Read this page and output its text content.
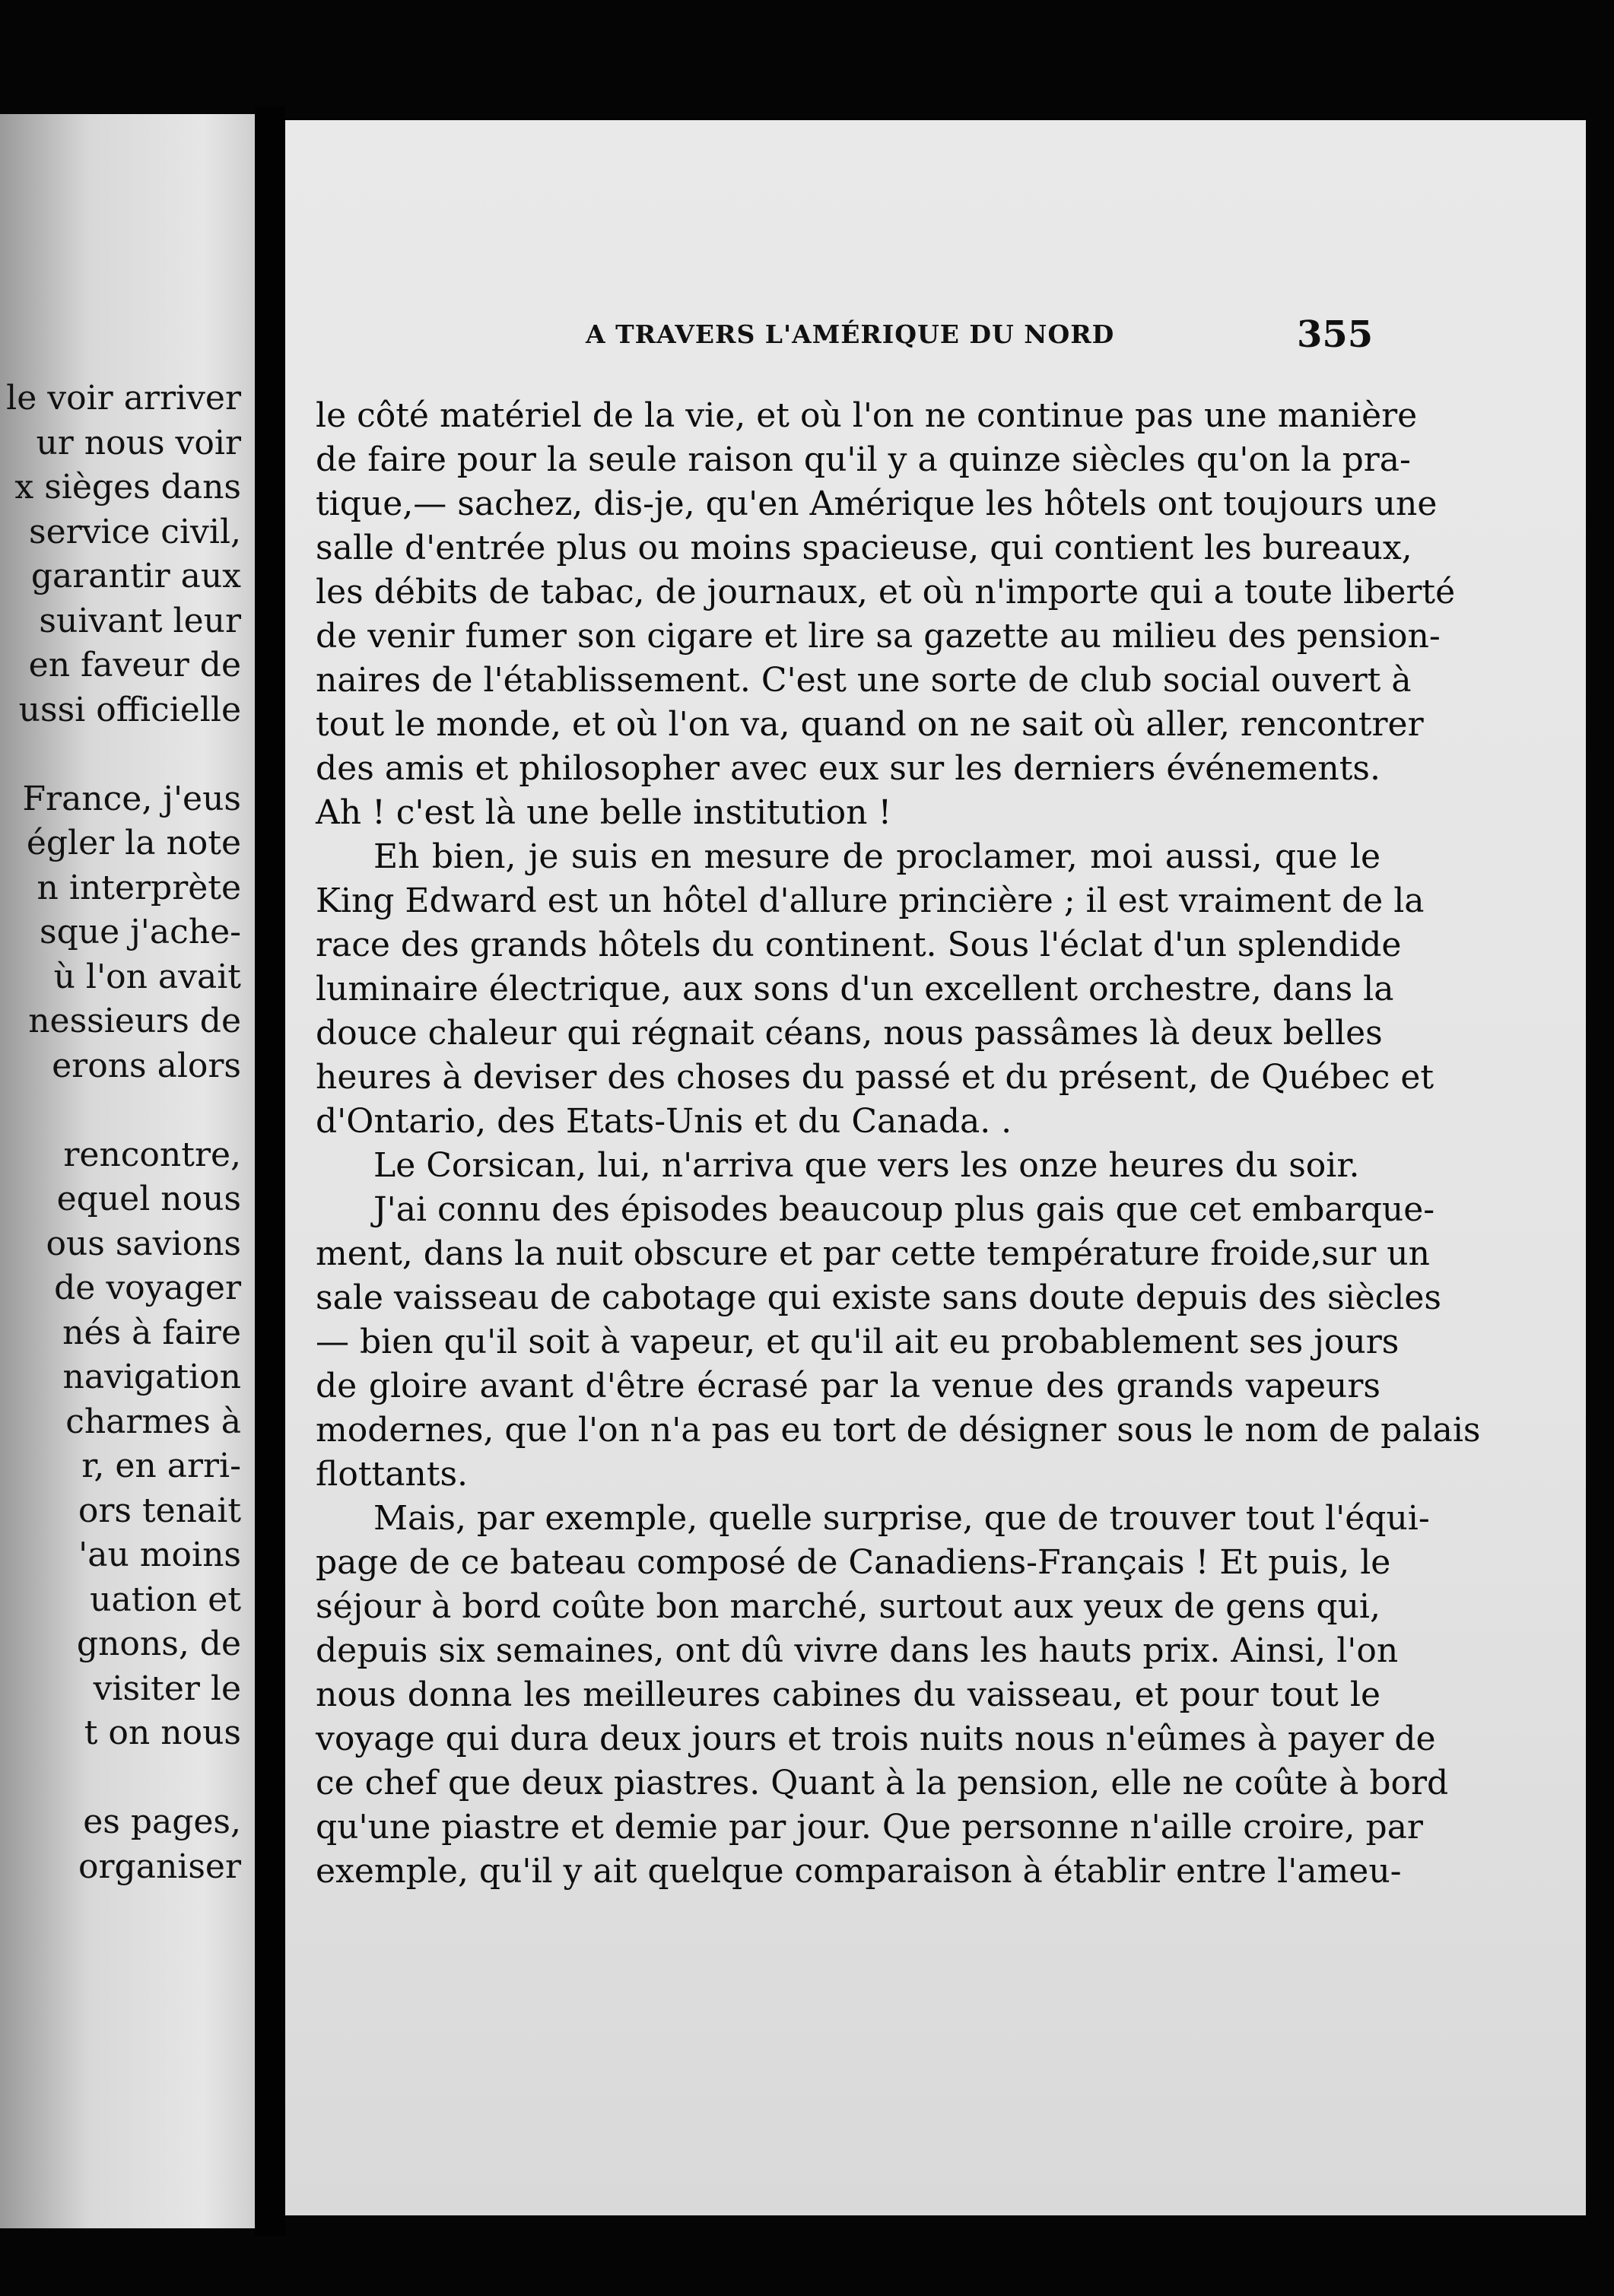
le voir arriver
ur nous voir
x sièges dans
service civil,
garantir aux
suivant leur
en faveur de
ussi officielle
France, j'eus
égler la note
n interprète
sque j'ache-
ù l'on avait
nessieurs de
erons alors
rencontre,
equel nous
ous savions
de voyager
nés à faire
navigation
charmes à
r, en arri-
ors tenait
'au moins
uation et
gnons, de
visiter le
t on nous
es pages,
organiser
A TRAVERS L'AMÉRIQUE DU NORD	355
le côté matériel de la vie, et où l'on ne continue pas une manière
de faire pour la seule raison qu'il y a quinze siècles qu'on la pra-
tique,— sachez, dis-je, qu'en Amérique les hôtels ont toujours une
salle d'entrée plus ou moins spacieuse, qui contient les bureaux,
les débits de tabac, de journaux, et où n'importe qui a toute liberté
de venir fumer son cigare et lire sa gazette au milieu des pension-
naires de l'établissement. C'est une sorte de club social ouvert à
tout le monde, et où l'on va, quand on ne sait où aller, rencontrer
des amis et philosopher avec eux sur les derniers événements.
Ah ! c'est là une belle institution !
Eh bien, je suis en mesure de proclamer, moi aussi, que le
King Edward est un hôtel d'allure princière ; il est vraiment de la
race des grands hôtels du continent. Sous l'éclat d'un splendide
luminaire électrique, aux sons d'un excellent orchestre, dans la
douce chaleur qui régnait céans, nous passâmes là deux belles
heures à deviser des choses du passé et du présent, de Québec et
d'Ontario, des Etats-Unis et du Canada. .
Le Corsican, lui, n'arriva que vers les onze heures du soir.
J'ai connu des épisodes beaucoup plus gais que cet embarque-
ment, dans la nuit obscure et par cette température froide,sur un
sale vaisseau de cabotage qui existe sans doute depuis des siècles
— bien qu'il soit à vapeur, et qu'il ait eu probablement ses jours
de gloire avant d'être écrasé par la venue des grands vapeurs
modernes, que l'on n'a pas eu tort de désigner sous le nom de palais
flottants.
Mais, par exemple, quelle surprise, que de trouver tout l'équi-
page de ce bateau composé de Canadiens-Français ! Et puis, le
séjour à bord coûte bon marché, surtout aux yeux de gens qui,
depuis six semaines, ont dû vivre dans les hauts prix. Ainsi, l'on
nous donna les meilleures cabines du vaisseau, et pour tout le
voyage qui dura deux jours et trois nuits nous n'eûmes à payer de
ce chef que deux piastres. Quant à la pension, elle ne coûte à bord
qu'une piastre et demie par jour. Que personne n'aille croire, par
exemple, qu'il y ait quelque comparaison à établir entre l'ameu-
